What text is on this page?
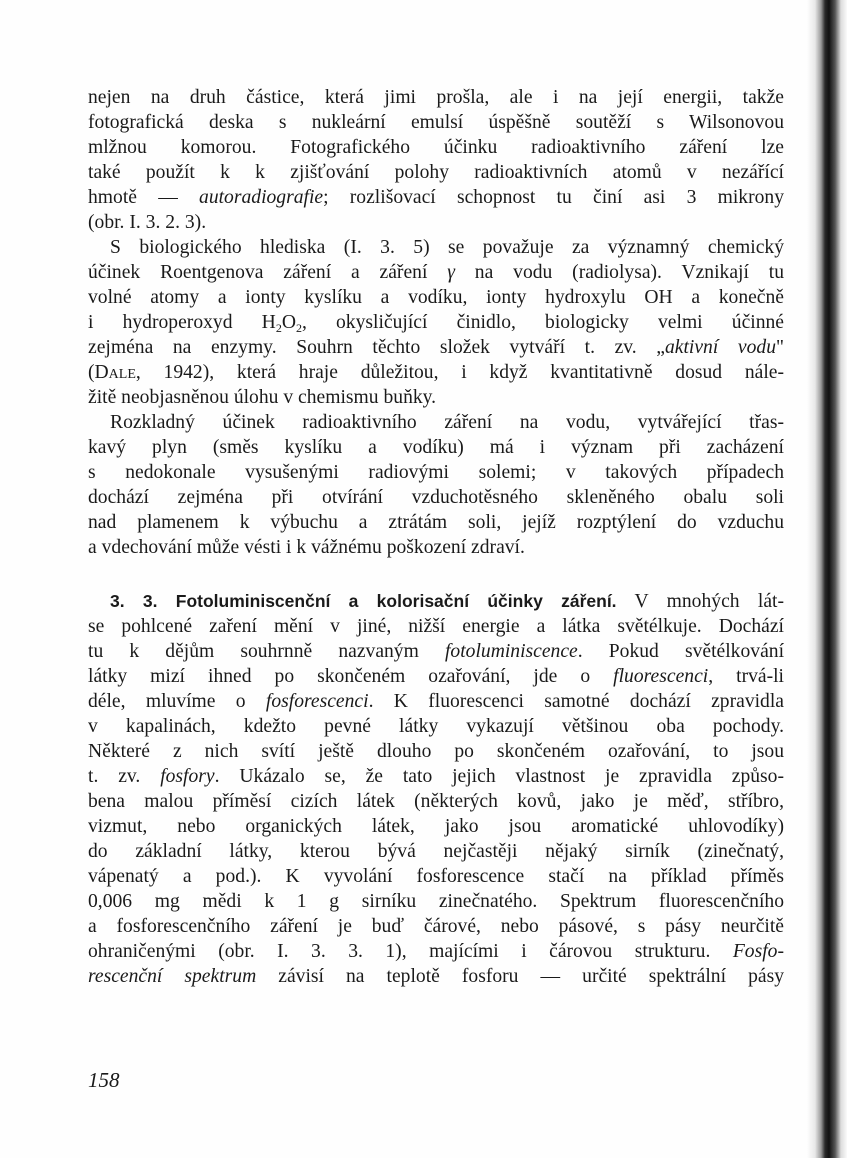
nejen na druh částice, která jimi prošla, ale i na její energii, takže
fotografická deska s nukleární emulsí úspěšně soutěží s Wilsonovou
mlžnou komorou. Fotografického účinku radioaktivního záření lze
také použít k k zjišťování polohy radioaktivních atomů v nezářící
hmotě — autoradiografie; rozlišovací schopnost tu činí asi 3 mikrony
(obr. I. 3. 2. 3).
S biologického hlediska (I. 3. 5) se považuje za významný chemický
účinek Roentgenova záření a záření γ na vodu (radiolysa). Vznikají tu
volné atomy a ionty kyslíku a vodíku, ionty hydroxylu OH a konečně
i hydroperoxyd $H_2O_2$, okysličující činidlo, biologicky velmi účinné
zejména na enzymy. Souhrn těchto složek vytváří t. zv. „aktivní vodu"
(Dale, 1942), která hraje důležitou, i když kvantitativně dosud nále-
žitě neobjasněnou úlohu v chemismu buňky.
Rozkladný účinek radioaktivního záření na vodu, vytvářející třas-
kavý plyn (směs kyslíku a vodíku) má i význam při zacházení
s nedokonale vysušenými radiovými solemi; v takových případech
dochází zejména při otvírání vzduchotěsného skleněného obalu soli
nad plamenem k výbuchu a ztrátám soli, jejíž rozptýlení do vzduchu
a vdechování může vésti i k vážnému poškození zdraví.
3. 3. Fotoluminiscenční a kolorisační účinky záření. V mnohých lát-
se pohlcené zaření mění v jiné, nižší energie a látka světélkuje. Dochází
tu k dějům souhrnně nazvaným fotoluminiscence. Pokud světélkování
látky mizí ihned po skončeném ozařování, jde o fluorescenci, trvá-li
déle, mluvíme o fosforescenci. K fluorescenci samotné dochází zpravidla
v kapalinách, kdežto pevné látky vykazují většinou oba pochody.
Některé z nich svítí ještě dlouho po skončeném ozařování, to jsou
t. zv. fosfory. Ukázalo se, že tato jejich vlastnost je zpravidla způso-
bena malou příměsí cizích látek (některých kovů, jako je měď, stříbro,
vizmut, nebo organických látek, jako jsou aromatické uhlovodíky)
do základní látky, kterou bývá nejčastěji nějaký sirník (zinečnatý,
vápenatý a pod.). K vyvolání fosforescence stačí na příklad příměs
0,006 mg mědi k 1 g sirníku zinečnatého. Spektrum fluorescenčního
a fosforescenčního záření je buď čárové, nebo pásové, s pásy neurčitě
ohraničenými (obr. I. 3. 3. 1), majícími i čárovou strukturu. Fosfo-
rescenční spektrum závisí na teplotě fosforu — určité spektrální pásy
158
